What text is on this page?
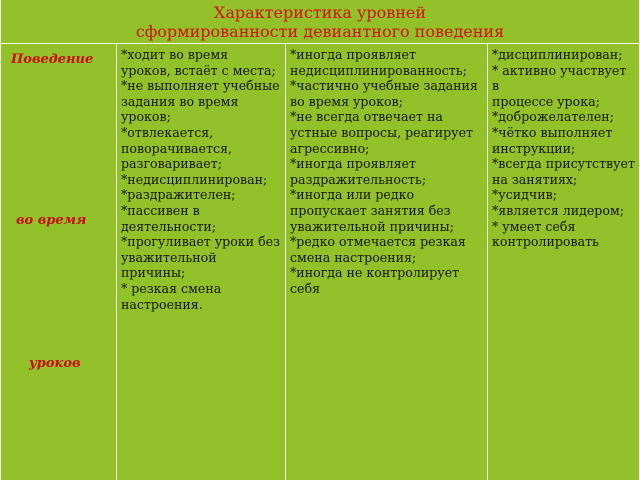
Характеристика уровней
сформированности девиантного поведения
Поведение
во время
уроков
*ходит во время
уроков, встаёт с места;
*не выполняет учебные
задания во время
уроков;
*отвлекается,
поворачивается,
разговаривает;
*недисциплинирован;
*раздражителен;
*пассивен в
деятельности;
*прогуливает уроки без
уважительной
причины;
* резкая смена
настроения.
*иногда проявляет
недисциплинированность;
*частично учебные задания
во время уроков;
*не всегда отвечает на
устные вопросы, реагирует
агрессивно;
*иногда проявляет
раздражительность;
*иногда или редко
пропускает занятия без
уважительной причины;
*редко отмечается резкая
смена настроения;
*иногда не контролирует
себя
*дисциплинирован;
* активно участвует
в
процессе урока;
*доброжелателен;
*чётко выполняет
инструкции;
*всегда присутствует
на занятиях;
*усидчив;
*является лидером;
* умеет себя
контролировать
